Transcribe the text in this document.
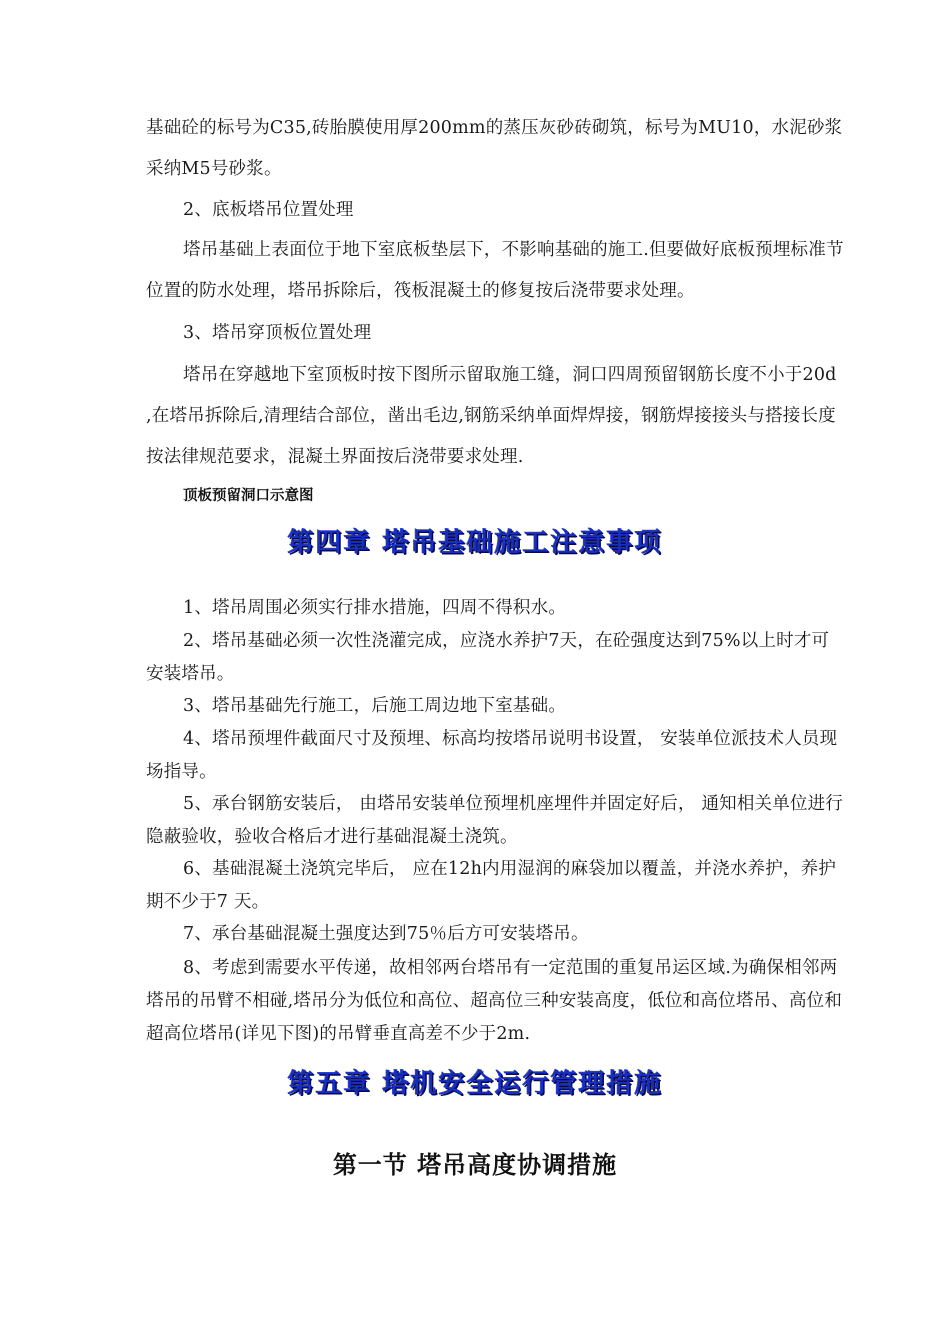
基础砼的标号为C35,砖胎膜使用厚200mm的蒸压灰砂砖砌筑，标号为MU10，水泥砂浆采纳M5号砂浆。

2、底板塔吊位置处理

塔吊基础上表面位于地下室底板垫层下，不影响基础的施工.但要做好底板预埋标准节位置的防水处理，塔吊拆除后，筏板混凝土的修复按后浇带要求处理。

3、塔吊穿顶板位置处理

塔吊在穿越地下室顶板时按下图所示留取施工缝，洞口四周预留钢筋长度不小于20d ,在塔吊拆除后,清理结合部位，凿出毛边,钢筋采纳单面焊焊接，钢筋焊接接头与搭接长度按法律规范要求，混凝土界面按后浇带要求处理.

顶板预留洞口示意图
第四章 塔吊基础施工注意事项

1、塔吊周围必须实行排水措施，四周不得积水。

2、塔吊基础必须一次性浇灌完成，应浇水养护7天，在砼强度达到75%以上时才可安装塔吊。

3、塔吊基础先行施工，后施工周边地下室基础。

4、塔吊预埋件截面尺寸及预埋、标高均按塔吊说明书设置， 安装单位派技术人员现场指导。

5、承台钢筋安装后， 由塔吊安装单位预埋机座埋件并固定好后， 通知相关单位进行隐蔽验收，验收合格后才进行基础混凝土浇筑。

6、基础混凝土浇筑完毕后， 应在12h内用湿润的麻袋加以覆盖，并浇水养护，养护期不少于7 天。

7、承台基础混凝土强度达到75％后方可安装塔吊。

8、考虑到需要水平传递，故相邻两台塔吊有一定范围的重复吊运区域.为确保相邻两塔吊的吊臂不相碰,塔吊分为低位和高位、超高位三种安装高度，低位和高位塔吊、高位和超高位塔吊(详见下图)的吊臂垂直高差不少于2m.

第五章 塔机安全运行管理措施
第一节 塔吊高度协调措施
